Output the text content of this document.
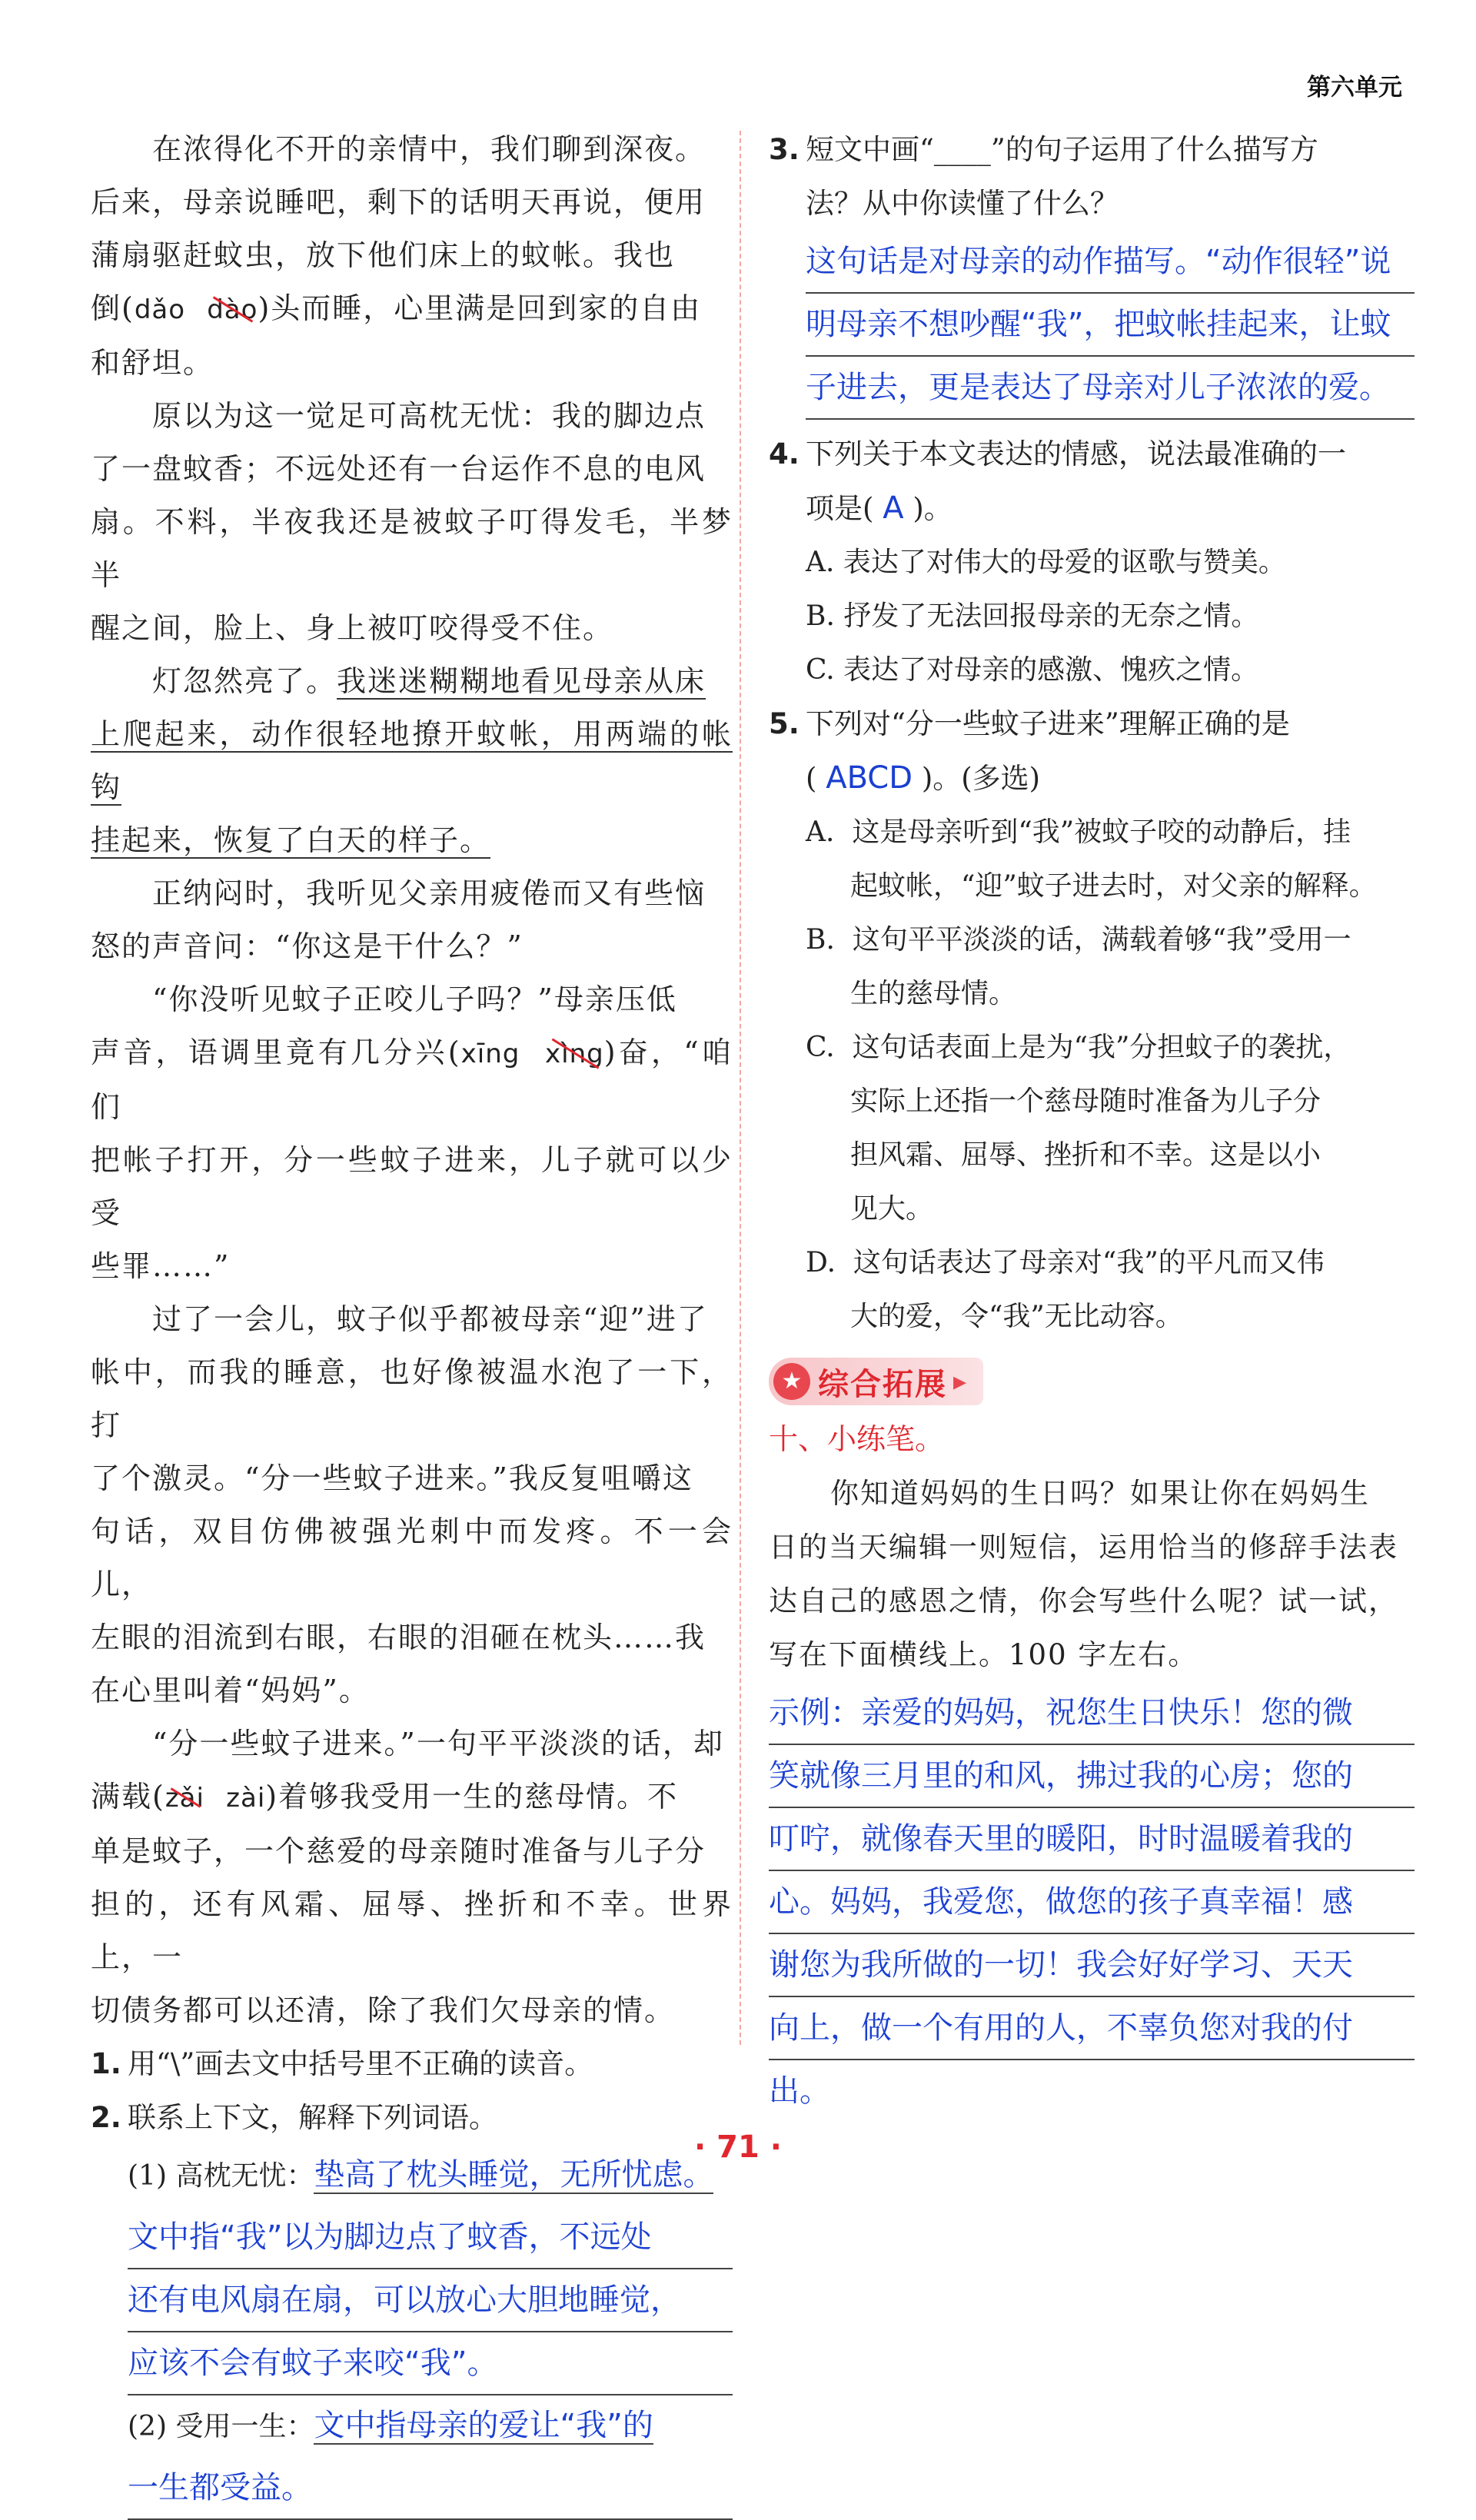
第六单元

在浓得化不开的亲情中，我们聊到深夜。
后来，母亲说睡吧，剩下的话明天再说，便用
蒲扇驱赶蚊虫，放下他们床上的蚊帐。我也
倒(dǎo dào)头而睡，心里满是回到家的自由
和舒坦。

原以为这一觉足可高枕无忧：我的脚边点
了一盘蚊香；不远处还有一台运作不息的电风
扇。不料，半夜我还是被蚊子叮得发毛，半梦半
醒之间，脸上、身上被叮咬得受不住。

灯忽然亮了。我迷迷糊糊地看见母亲从床
上爬起来，动作很轻地撩开蚊帐，用两端的帐钩
挂起来，恢复了白天的样子。

正纳闷时，我听见父亲用疲倦而又有些恼
怒的声音问：“你这是干什么？”

“你没听见蚊子正咬儿子吗？”母亲压低
声音，语调里竟有几分兴(xīng xìng)奋，“咱们
把帐子打开，分一些蚊子进来，儿子就可以少受
些罪……”

过了一会儿，蚊子似乎都被母亲“迎”进了
帐中，而我的睡意，也好像被温水泡了一下，打
了个激灵。“分一些蚊子进来。”我反复咀嚼这
句话，双目仿佛被强光刺中而发疼。不一会儿，
左眼的泪流到右眼，右眼的泪砸在枕头……我
在心里叫着“妈妈”。

“分一些蚊子进来。”一句平平淡淡的话，却
满载(zǎi zài)着够我受用一生的慈母情。不
单是蚊子，一个慈爱的母亲随时准备与儿子分
担的，还有风霜、屈辱、挫折和不幸。世界上，一
切债务都可以还清，除了我们欠母亲的情。

1. 用“\”画去文中括号里不正确的读音。

2. 联系上下文，解释下列词语。
(1) 高枕无忧：垫高了枕头睡觉，无所忧虑。
文中指“我”以为脚边点了蚊香，不远处
还有电风扇在扇，可以放心大胆地睡觉，
应该不会有蚊子来咬“我”。
(2) 受用一生：文中指母亲的爱让“我”的
一生都受益。
3. 短文中画“____”的句子运用了什么描写方
法？从中你读懂了什么？
这句话是对母亲的动作描写。“动作很轻”说
明母亲不想吵醒“我”，把蚊帐挂起来，让蚊
子进去，更是表达了母亲对儿子浓浓的爱。
4. 下列关于本文表达的情感，说法最准确的一
项是( A )。
A. 表达了对伟大的母爱的讴歌与赞美。
B. 抒发了无法回报母亲的无奈之情。
C. 表达了对母亲的感激、愧疚之情。
5. 下列对“分一些蚊子进来”理解正确的是
( ABCD )。(多选)
A. 这是母亲听到“我”被蚊子咬的动静后，挂
起蚊帐，“迎”蚊子进去时，对父亲的解释。
B. 这句平平淡淡的话，满载着够“我”受用一
生的慈母情。
C. 这句话表面上是为“我”分担蚊子的袭扰，
实际上还指一个慈母随时准备为儿子分
担风霜、屈辱、挫折和不幸。这是以小
见大。
D. 这句话表达了母亲对“我”的平凡而又伟
大的爱，令“我”无比动容。
★ 综合拓展 ▸

十、小练笔。

你知道妈妈的生日吗？如果让你在妈妈生
日的当天编辑一则短信，运用恰当的修辞手法表
达自己的感恩之情，你会写些什么呢？试一试，
写在下面横线上。100 字左右。

示例：亲爱的妈妈，祝您生日快乐！您的微
笑就像三月里的和风，拂过我的心房；您的
叮咛，就像春天里的暖阳，时时温暖着我的
心。妈妈，我爱您，做您的孩子真幸福！感
谢您为我所做的一切！我会好好学习、天天
向上，做一个有用的人，不辜负您对我的付
出。
· 71 ·
